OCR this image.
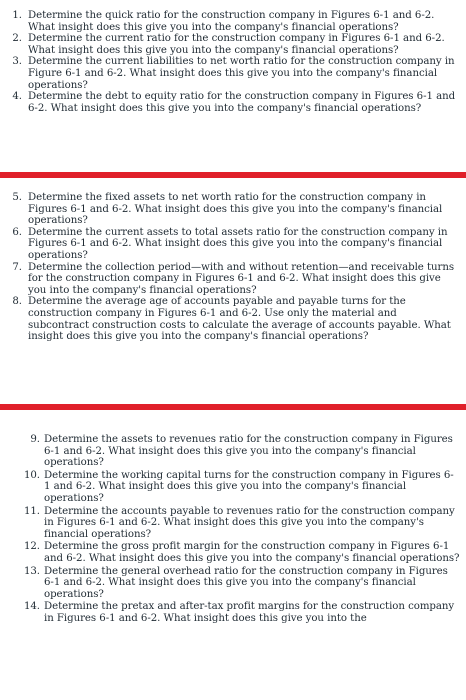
1. Determine the quick ratio for the construction company in Figures 6-1 and 6-2. What insight does this give you into the company's financial operations?
2. Determine the current ratio for the construction company in Figures 6-1 and 6-2. What insight does this give you into the company's financial operations?
3. Determine the current liabilities to net worth ratio for the construction company in Figure 6-1 and 6-2. What insight does this give you into the company's financial operations?
4. Determine the debt to equity ratio for the construction company in Figures 6-1 and 6-2. What insight does this give you into the company's financial operations?
5. Determine the fixed assets to net worth ratio for the construction company in Figures 6-1 and 6-2. What insight does this give you into the company's financial operations?
6. Determine the current assets to total assets ratio for the construction company in Figures 6-1 and 6-2. What insight does this give you into the company's financial operations?
7. Determine the collection period—with and without retention—and receivable turns for the construction company in Figures 6-1 and 6-2. What insight does this give you into the company's financial operations?
8. Determine the average age of accounts payable and payable turns for the construction company in Figures 6-1 and 6-2. Use only the material and subcontract construction costs to calculate the average of accounts payable. What insight does this give you into the company's financial operations?
9. Determine the assets to revenues ratio for the construction company in Figures 6-1 and 6-2. What insight does this give you into the company's financial operations?
10. Determine the working capital turns for the construction company in Figures 6-1 and 6-2. What insight does this give you into the company's financial operations?
11. Determine the accounts payable to revenues ratio for the construction company in Figures 6-1 and 6-2. What insight does this give you into the company's financial operations?
12. Determine the gross profit margin for the construction company in Figures 6-1 and 6-2. What insight does this give you into the company's financial operations?
13. Determine the general overhead ratio for the construction company in Figures 6-1 and 6-2. What insight does this give you into the company's financial operations?
14. Determine the pretax and after-tax profit margins for the construction company in Figures 6-1 and 6-2. What insight does this give you into the
